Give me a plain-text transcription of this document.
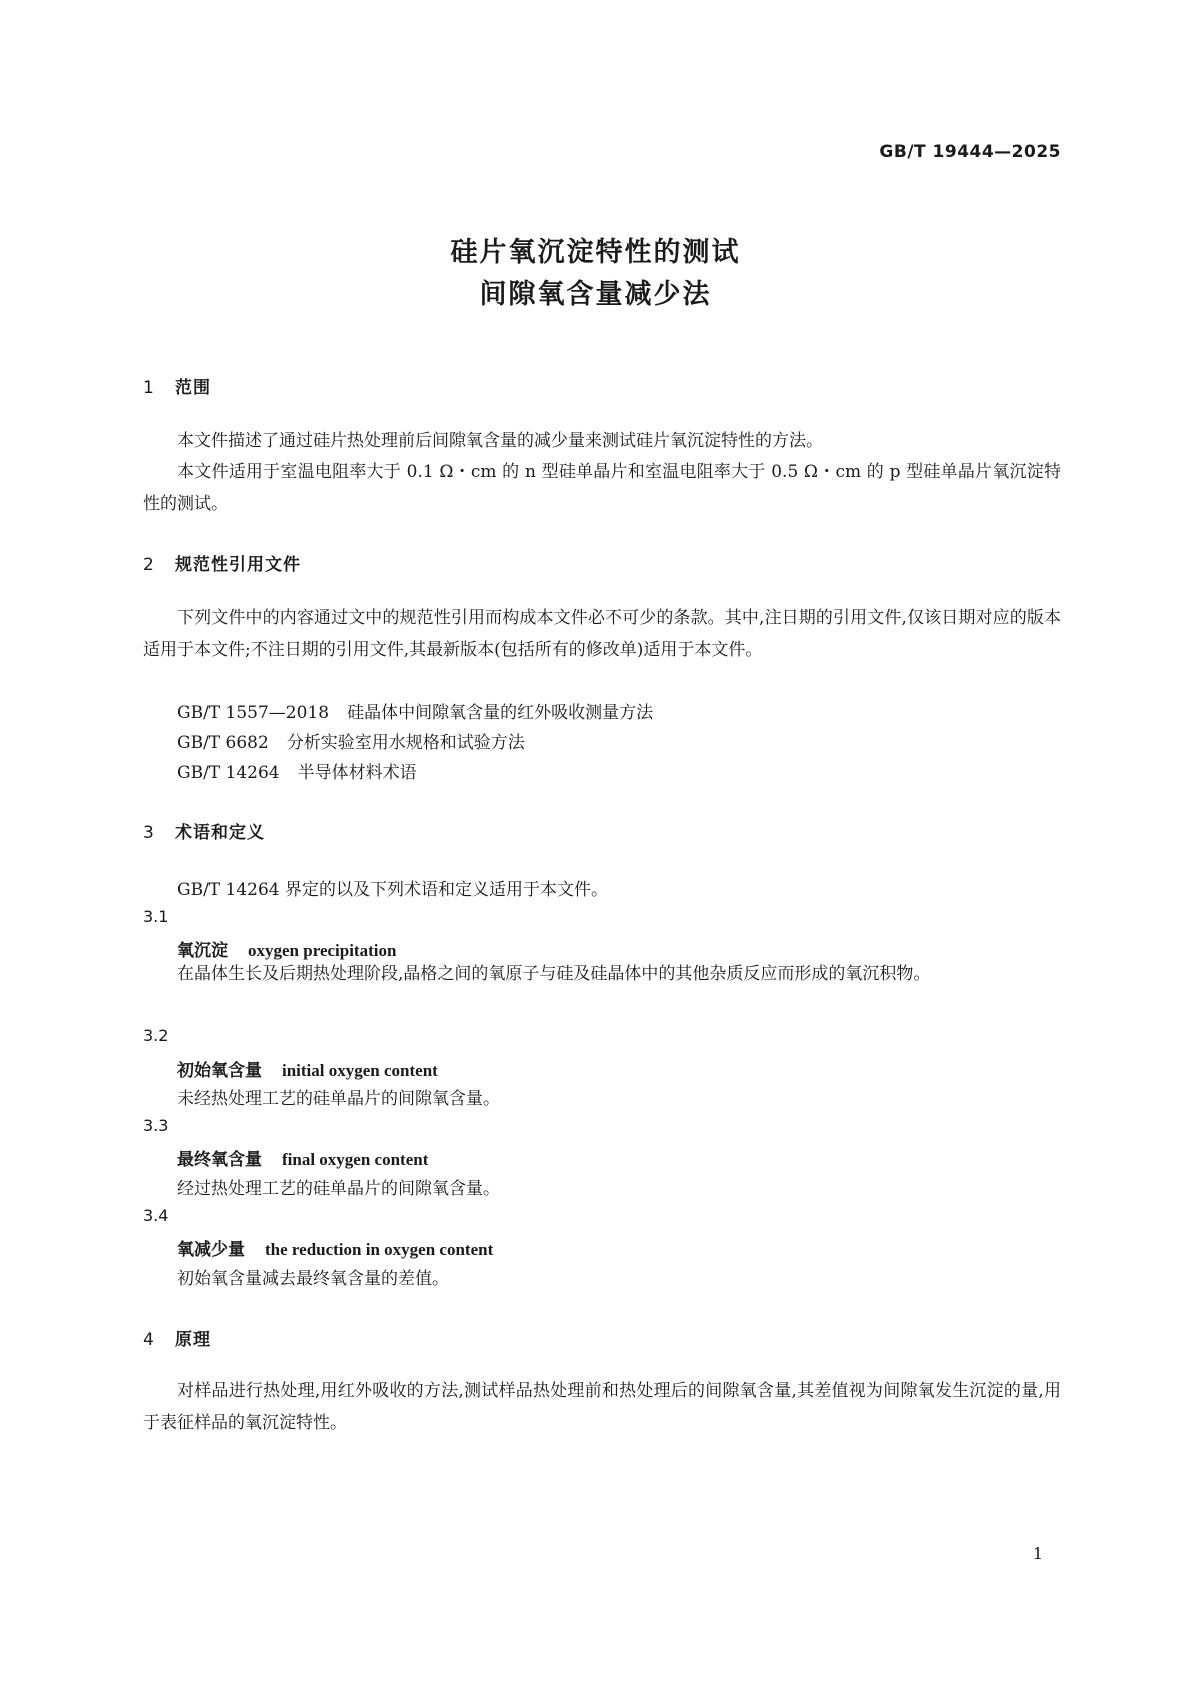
GB/T 19444—2025
硅片氧沉淀特性的测试
间隙氧含量减少法
1 范围
本文件描述了通过硅片热处理前后间隙氧含量的减少量来测试硅片氧沉淀特性的方法。
本文件适用于室温电阻率大于 0.1 Ω・cm 的 n 型硅单晶片和室温电阻率大于 0.5 Ω・cm 的 p 型硅单晶片氧沉淀特性的测试。
2 规范性引用文件
下列文件中的内容通过文中的规范性引用而构成本文件必不可少的条款。其中,注日期的引用文件,仅该日期对应的版本适用于本文件;不注日期的引用文件,其最新版本(包括所有的修改单)适用于本文件。
GB/T 1557—2018 硅晶体中间隙氧含量的红外吸收测量方法
GB/T 6682 分析实验室用水规格和试验方法
GB/T 14264 半导体材料术语
3 术语和定义
GB/T 14264 界定的以及下列术语和定义适用于本文件。
3.1
氧沉淀 oxygen precipitation
在晶体生长及后期热处理阶段,晶格之间的氧原子与硅及硅晶体中的其他杂质反应而形成的氧沉积物。
3.2
初始氧含量 initial oxygen content
未经热处理工艺的硅单晶片的间隙氧含量。
3.3
最终氧含量 final oxygen content
经过热处理工艺的硅单晶片的间隙氧含量。
3.4
氧减少量 the reduction in oxygen content
初始氧含量减去最终氧含量的差值。
4 原理
对样品进行热处理,用红外吸收的方法,测试样品热处理前和热处理后的间隙氧含量,其差值视为间隙氧发生沉淀的量,用于表征样品的氧沉淀特性。
1
